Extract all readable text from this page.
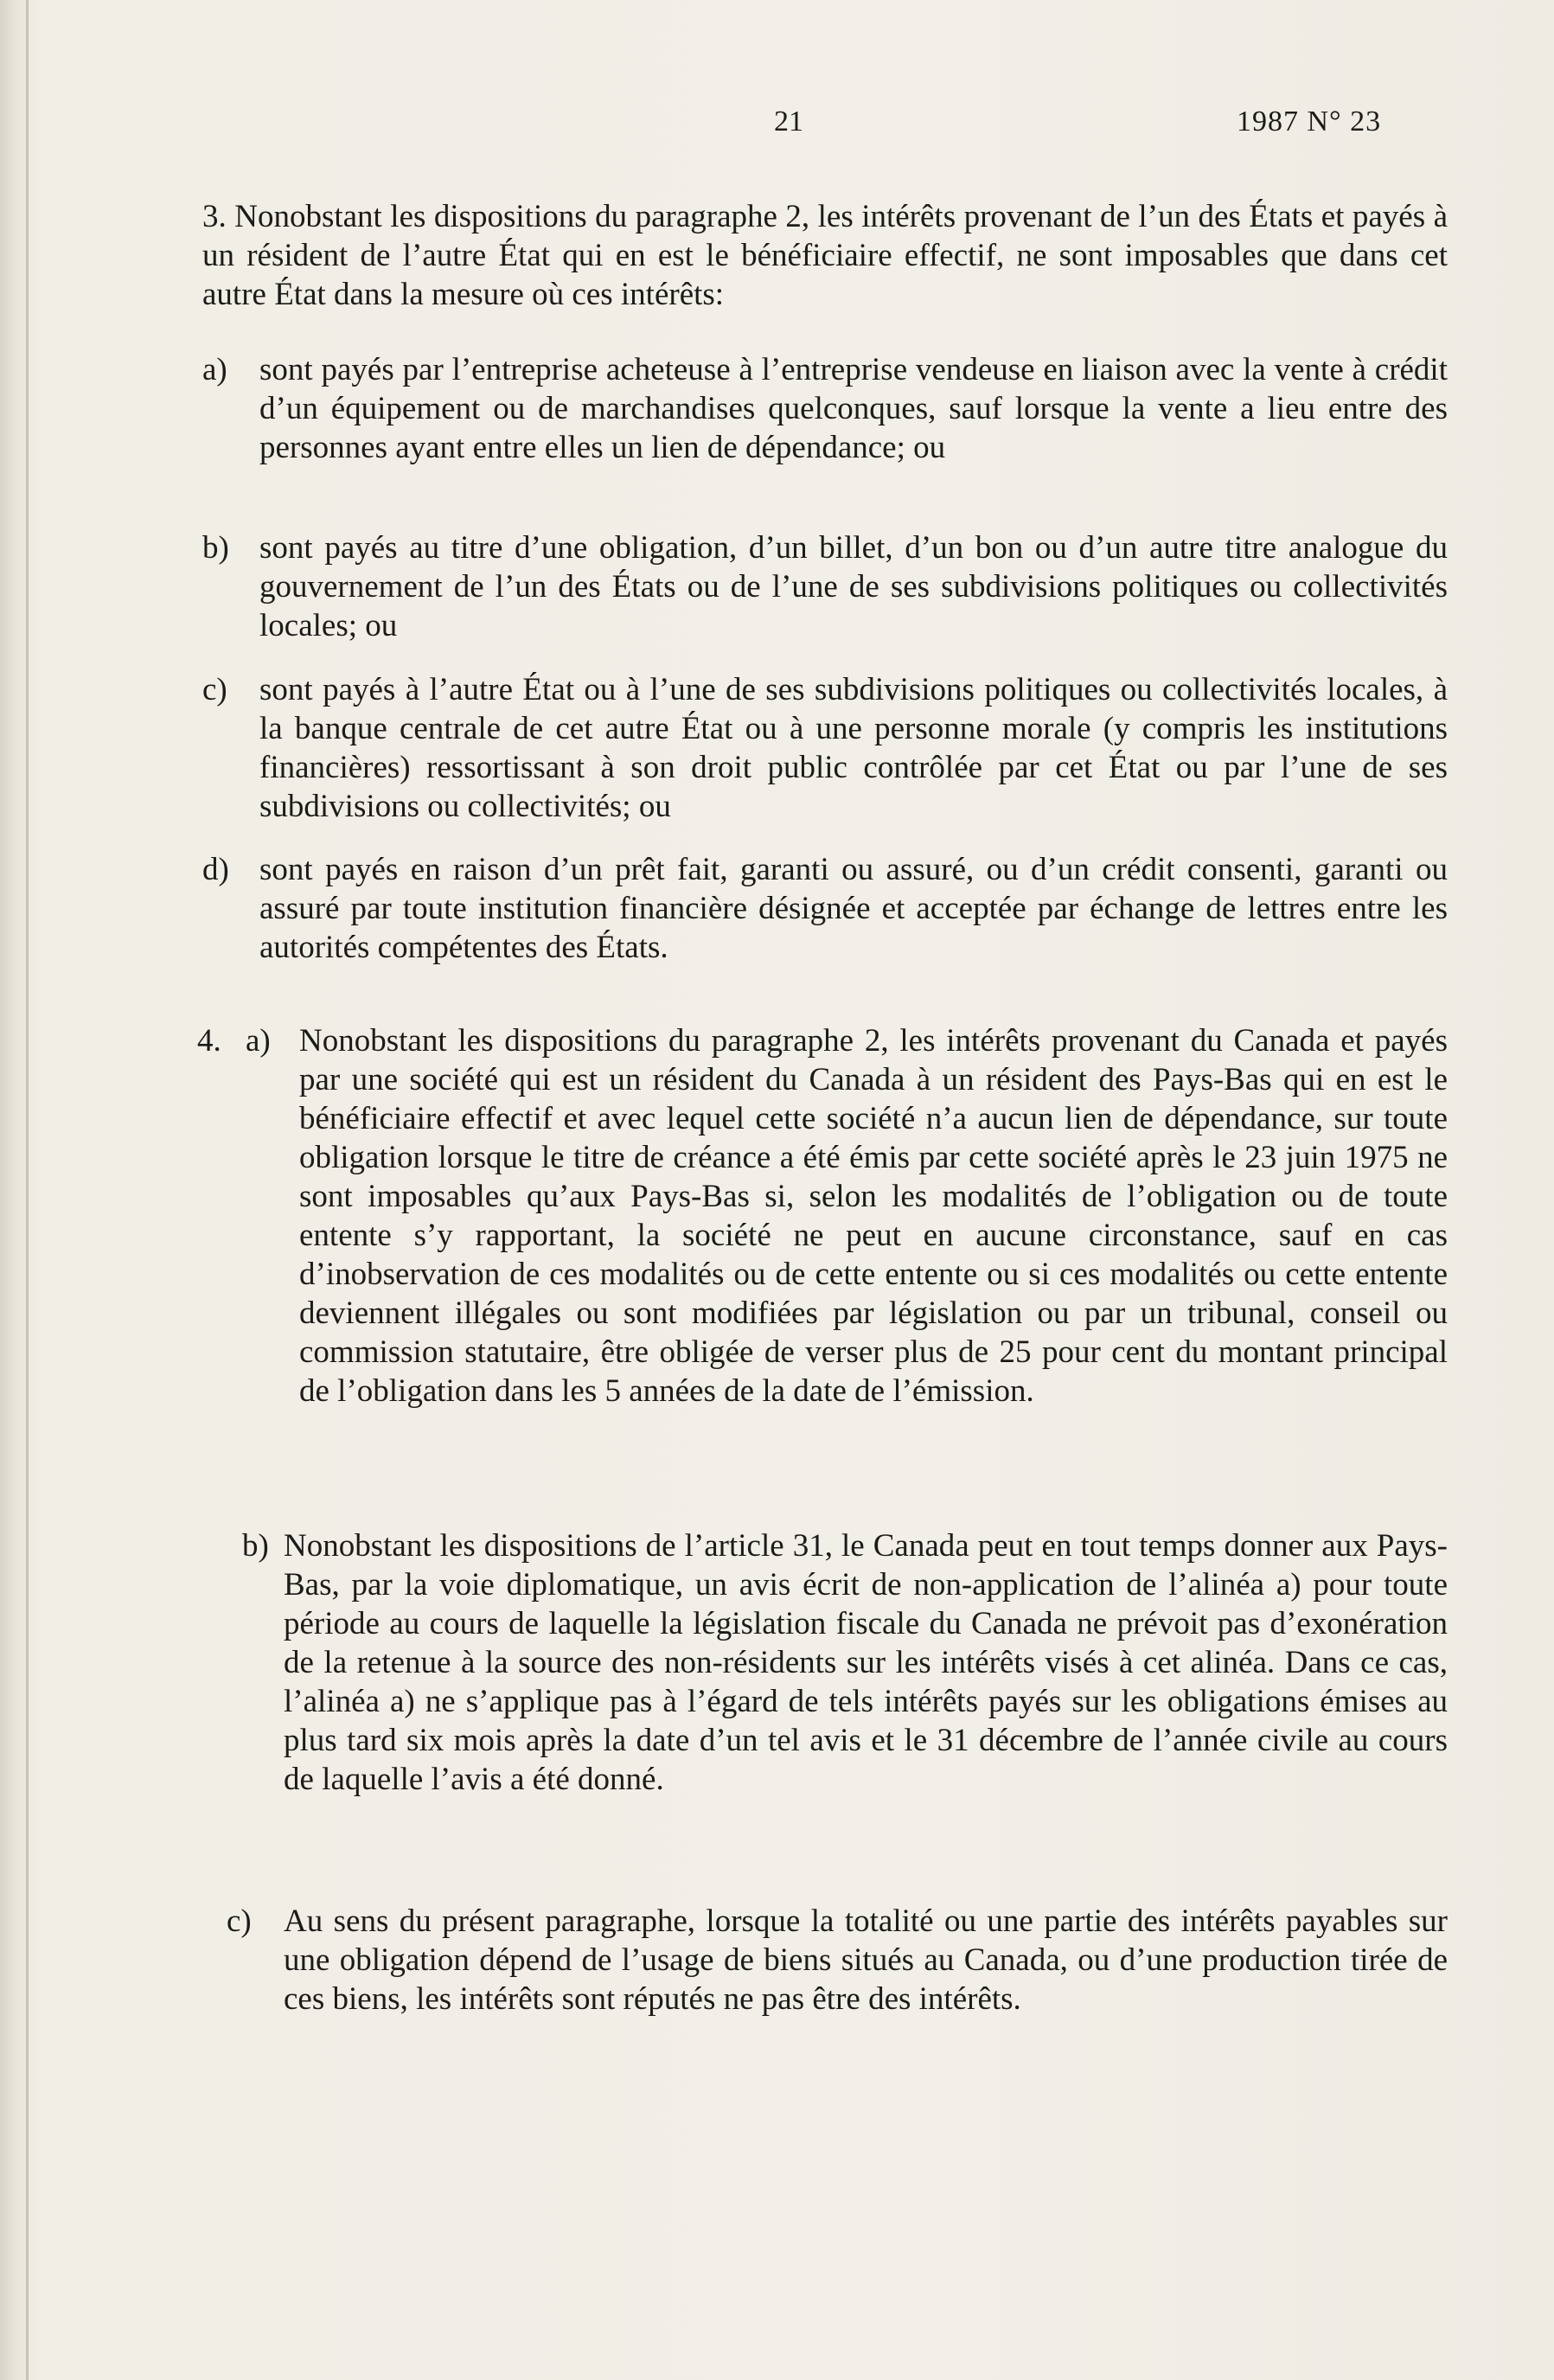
21	1987 N° 23
3. Nonobstant les dispositions du paragraphe 2, les intérêts provenant de l’un des États et payés à un résident de l’autre État qui en est le bénéficiaire effectif, ne sont imposables que dans cet autre État dans la mesure où ces intérêts:
a) sont payés par l’entreprise acheteuse à l’entreprise vendeuse en liaison avec la vente à crédit d’un équipement ou de marchandises quelconques, sauf lorsque la vente a lieu entre des personnes ayant entre elles un lien de dépendance; ou
b) sont payés au titre d’une obligation, d’un billet, d’un bon ou d’un autre titre analogue du gouvernement de l’un des États ou de l’une de ses subdivisions politiques ou collectivités locales; ou
c) sont payés à l’autre État ou à l’une de ses subdivisions politiques ou collectivités locales, à la banque centrale de cet autre État ou à une personne morale (y compris les institutions financières) ressortissant à son droit public contrôlée par cet État ou par l’une de ses subdivisions ou collectivités; ou
d) sont payés en raison d’un prêt fait, garanti ou assuré, ou d’un crédit consenti, garanti ou assuré par toute institution financière désignée et acceptée par échange de lettres entre les autorités compétentes des États.
4. a) Nonobstant les dispositions du paragraphe 2, les intérêts provenant du Canada et payés par une société qui est un résident du Canada à un résident des Pays-Bas qui en est le bénéficiaire effectif et avec lequel cette société n’a aucun lien de dépendance, sur toute obligation lorsque le titre de créance a été émis par cette société après le 23 juin 1975 ne sont imposables qu’aux Pays-Bas si, selon les modalités de l’obligation ou de toute entente s’y rapportant, la société ne peut en aucune circonstance, sauf en cas d’inobservation de ces modalités ou de cette entente ou si ces modalités ou cette entente deviennent illégales ou sont modifiées par législation ou par un tribunal, conseil ou commission statutaire, être obligée de verser plus de 25 pour cent du montant principal de l’obligation dans les 5 années de la date de l’émission.
b) Nonobstant les dispositions de l’article 31, le Canada peut en tout temps donner aux Pays-Bas, par la voie diplomatique, un avis écrit de non-application de l’alinéa a) pour toute période au cours de laquelle la législation fiscale du Canada ne prévoit pas d’exonération de la retenue à la source des non-résidents sur les intérêts visés à cet alinéa. Dans ce cas, l’alinéa a) ne s’applique pas à l’égard de tels intérêts payés sur les obligations émises au plus tard six mois après la date d’un tel avis et le 31 décembre de l’année civile au cours de laquelle l’avis a été donné.
c) Au sens du présent paragraphe, lorsque la totalité ou une partie des intérêts payables sur une obligation dépend de l’usage de biens situés au Canada, ou d’une production tirée de ces biens, les intérêts sont réputés ne pas être des intérêts.
